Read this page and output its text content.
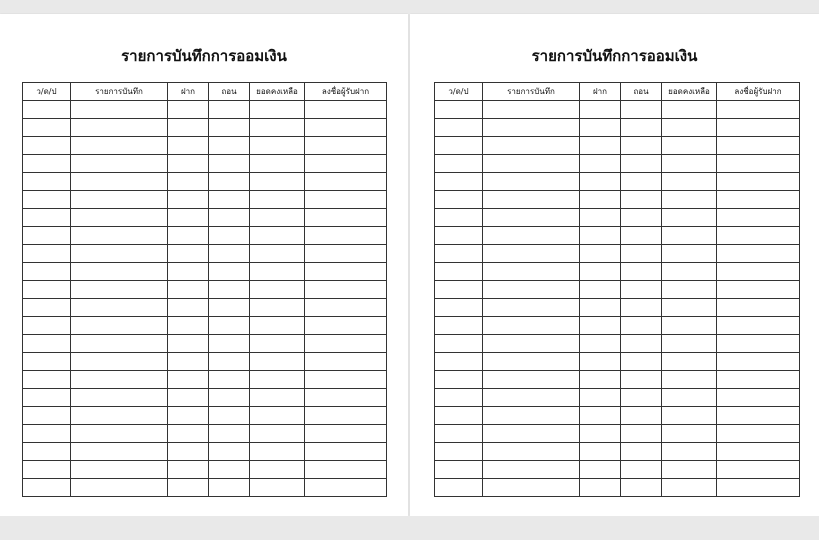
รายการบันทึกการออมเงิน
ว/ด/ป	รายการบันทึก	ฝาก	ถอน	ยอดคงเหลือ	ลงชื่อผู้รับฝาก

รายการบันทึกการออมเงิน
ว/ด/ป	รายการบันทึก	ฝาก	ถอน	ยอดคงเหลือ	ลงชื่อผู้รับฝาก
